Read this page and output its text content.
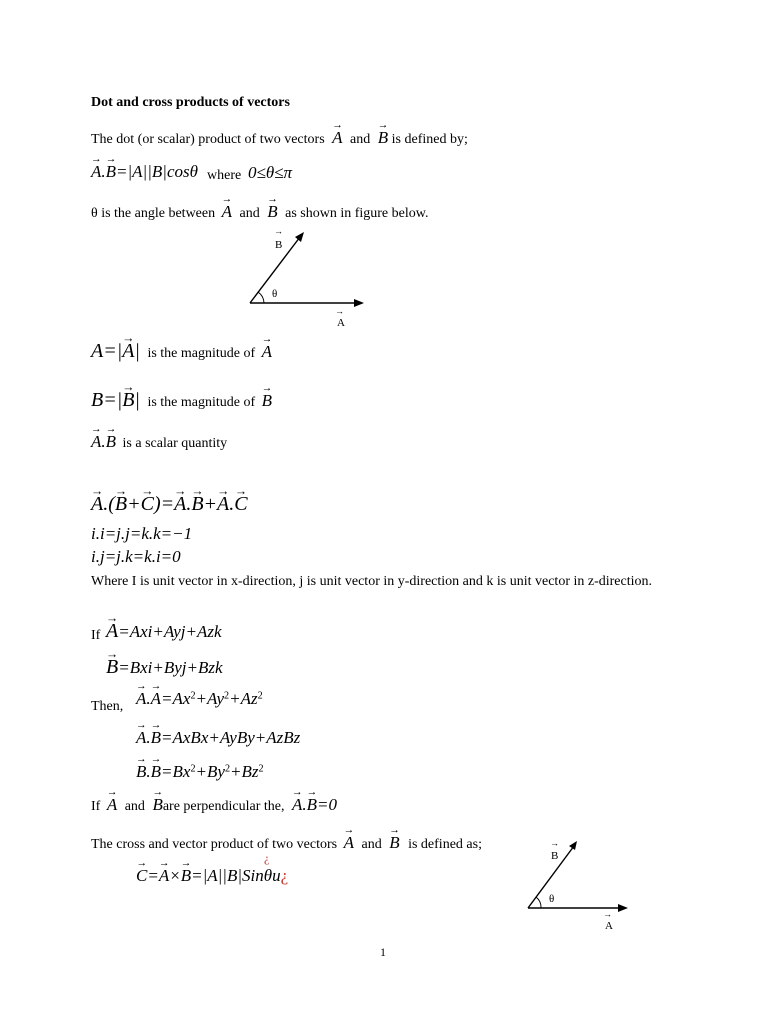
Dot and cross products of vectors
The dot (or scalar) product of two vectors → A and → B is defined by;
→ A.→ B=|A||B|cosθ where 0≤θ≤π
θ is the angle between → A and → B as shown in figure below.
θ
B
→
A
→
A=|→ A| is the magnitude of → A
B=|→ B| is the magnitude of → B
→ A.→ B is a scalar quantity
→ A.(→ B+→ C)=→ A.→ B+→ A.→ C
i.i=j.j=k.k=−1
i.j=j.k=k.i=0
Where I is unit vector in x-direction, j is unit vector in y-direction and k is unit vector in z-direction.
If → A=Axi+Ayj+Azk
→ B=Bxi+Byj+Bzk
Then, → $A.\to A=Ax^2+Ay^2+Az^2$
→ A.→ B=AxBx+AyBy+AzBz
→ $B.\to B=Bx^2+By^2+Bz^2$
If → A and → Bare perpendicular the, → A.→ B=0
The cross and vector product of two vectors → A and → B is defined as;
→ C=→ A×→ B=|A||B|Sinθu¿
¿
θ
B
→
A
→
1
